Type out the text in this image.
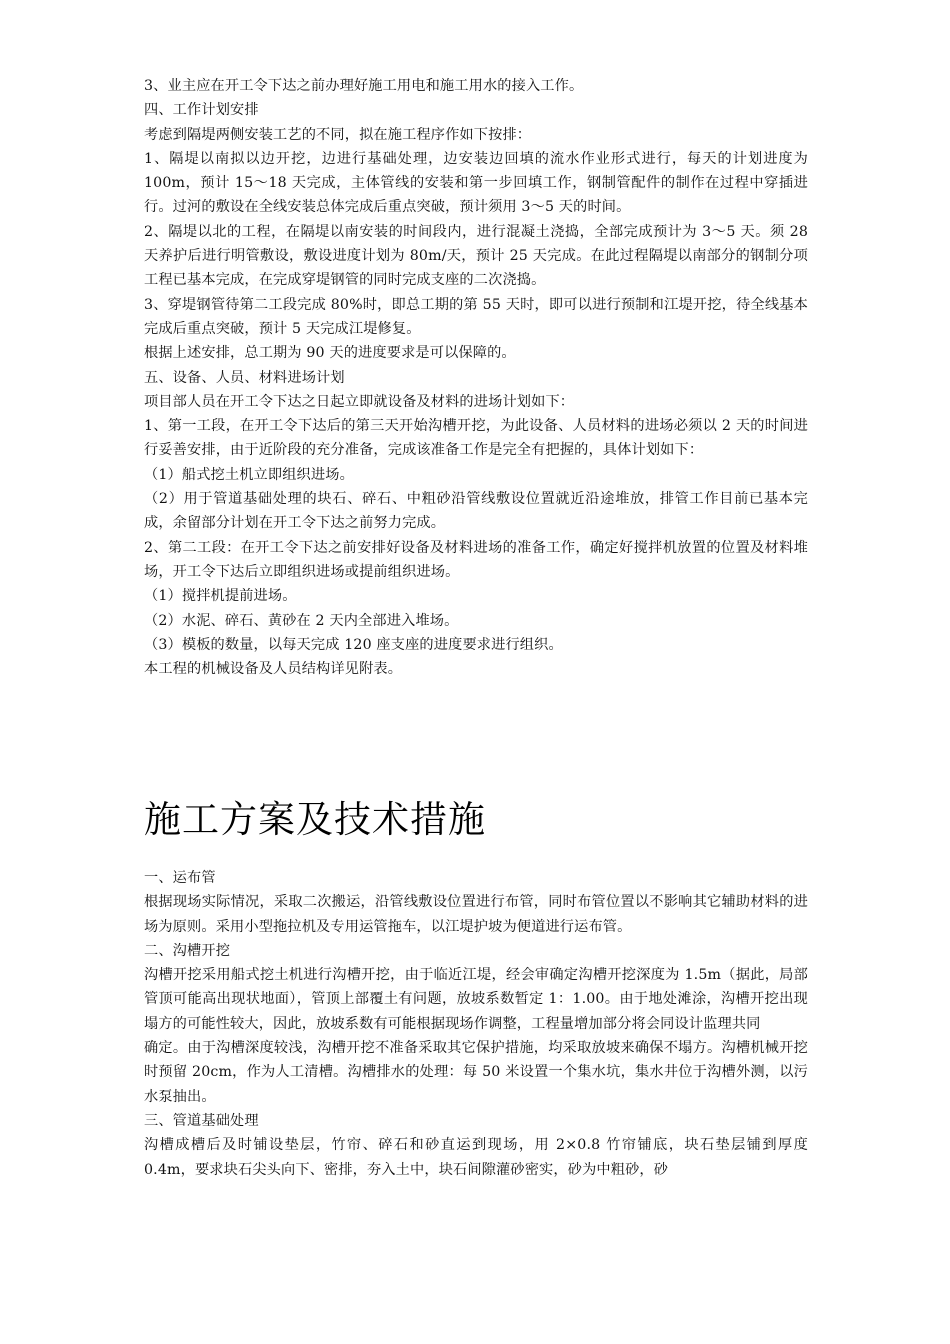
3、业主应在开工令下达之前办理好施工用电和施工用水的接入工作。

四、工作计划安排

考虑到隔堤两侧安装工艺的不同，拟在施工程序作如下按排：

1、隔堤以南拟以边开挖，边进行基础处理，边安装边回填的流水作业形式进行，每天的计划进度为100m，预计 15～18 天完成，主体管线的安装和第一步回填工作，钢制管配件的制作在过程中穿插进行。过河的敷设在全线安装总体完成后重点突破，预计须用 3～5 天的时间。

2、隔堤以北的工程，在隔堤以南安装的时间段内，进行混凝土浇捣，全部完成预计为 3～5 天。须 28 天养护后进行明管敷设，敷设进度计划为 80m/天，预计 25 天完成。在此过程隔堤以南部分的钢制分项工程已基本完成，在完成穿堤钢管的同时完成支座的二次浇捣。

3、穿堤钢管待第二工段完成 80%时，即总工期的第 55 天时，即可以进行预制和江堤开挖，待全线基本完成后重点突破，预计 5 天完成江堤修复。

根据上述安排，总工期为 90 天的进度要求是可以保障的。

五、设备、人员、材料进场计划

项目部人员在开工令下达之日起立即就设备及材料的进场计划如下：

1、第一工段，在开工令下达后的第三天开始沟槽开挖，为此设备、人员材料的进场必须以 2 天的时间进行妥善安排，由于近阶段的充分准备，完成该准备工作是完全有把握的，具体计划如下：

（1）船式挖土机立即组织进场。

（2）用于管道基础处理的块石、碎石、中粗砂沿管线敷设位置就近沿途堆放，排管工作目前已基本完成，余留部分计划在开工令下达之前努力完成。

2、第二工段：在开工令下达之前安排好设备及材料进场的准备工作，确定好搅拌机放置的位置及材料堆场，开工令下达后立即组织进场或提前组织进场。

（1）搅拌机提前进场。

（2）水泥、碎石、黄砂在 2 天内全部进入堆场。

（3）模板的数量，以每天完成 120 座支座的进度要求进行组织。

本工程的机械设备及人员结构详见附表。

施工方案及技术措施

一、运布管

根据现场实际情况，采取二次搬运，沿管线敷设位置进行布管，同时布管位置以不影响其它辅助材料的进场为原则。采用小型拖拉机及专用运管拖车，以江堤护坡为便道进行运布管。

二、沟槽开挖

沟槽开挖采用船式挖土机进行沟槽开挖，由于临近江堤，经会审确定沟槽开挖深度为 1.5m（据此，局部管顶可能高出现状地面），管顶上部覆土有问题，放坡系数暂定 1：1.00。由于地处滩涂，沟槽开挖出现塌方的可能性较大，因此，放坡系数有可能根据现场作调整，工程量增加部分将会同设计监理共同

确定。由于沟槽深度较浅，沟槽开挖不准备采取其它保护措施，均采取放坡来确保不塌方。沟槽机械开挖时预留 20cm，作为人工清槽。沟槽排水的处理：每 50 米设置一个集水坑，集水井位于沟槽外测，以污水泵抽出。

三、管道基础处理

沟槽成槽后及时铺设垫层，竹帘、碎石和砂直运到现场，用 2×0.8 竹帘铺底，块石垫层铺到厚度 0.4m，要求块石尖头向下、密排，夯入土中，块石间隙灌砂密实，砂为中粗砂，砂
